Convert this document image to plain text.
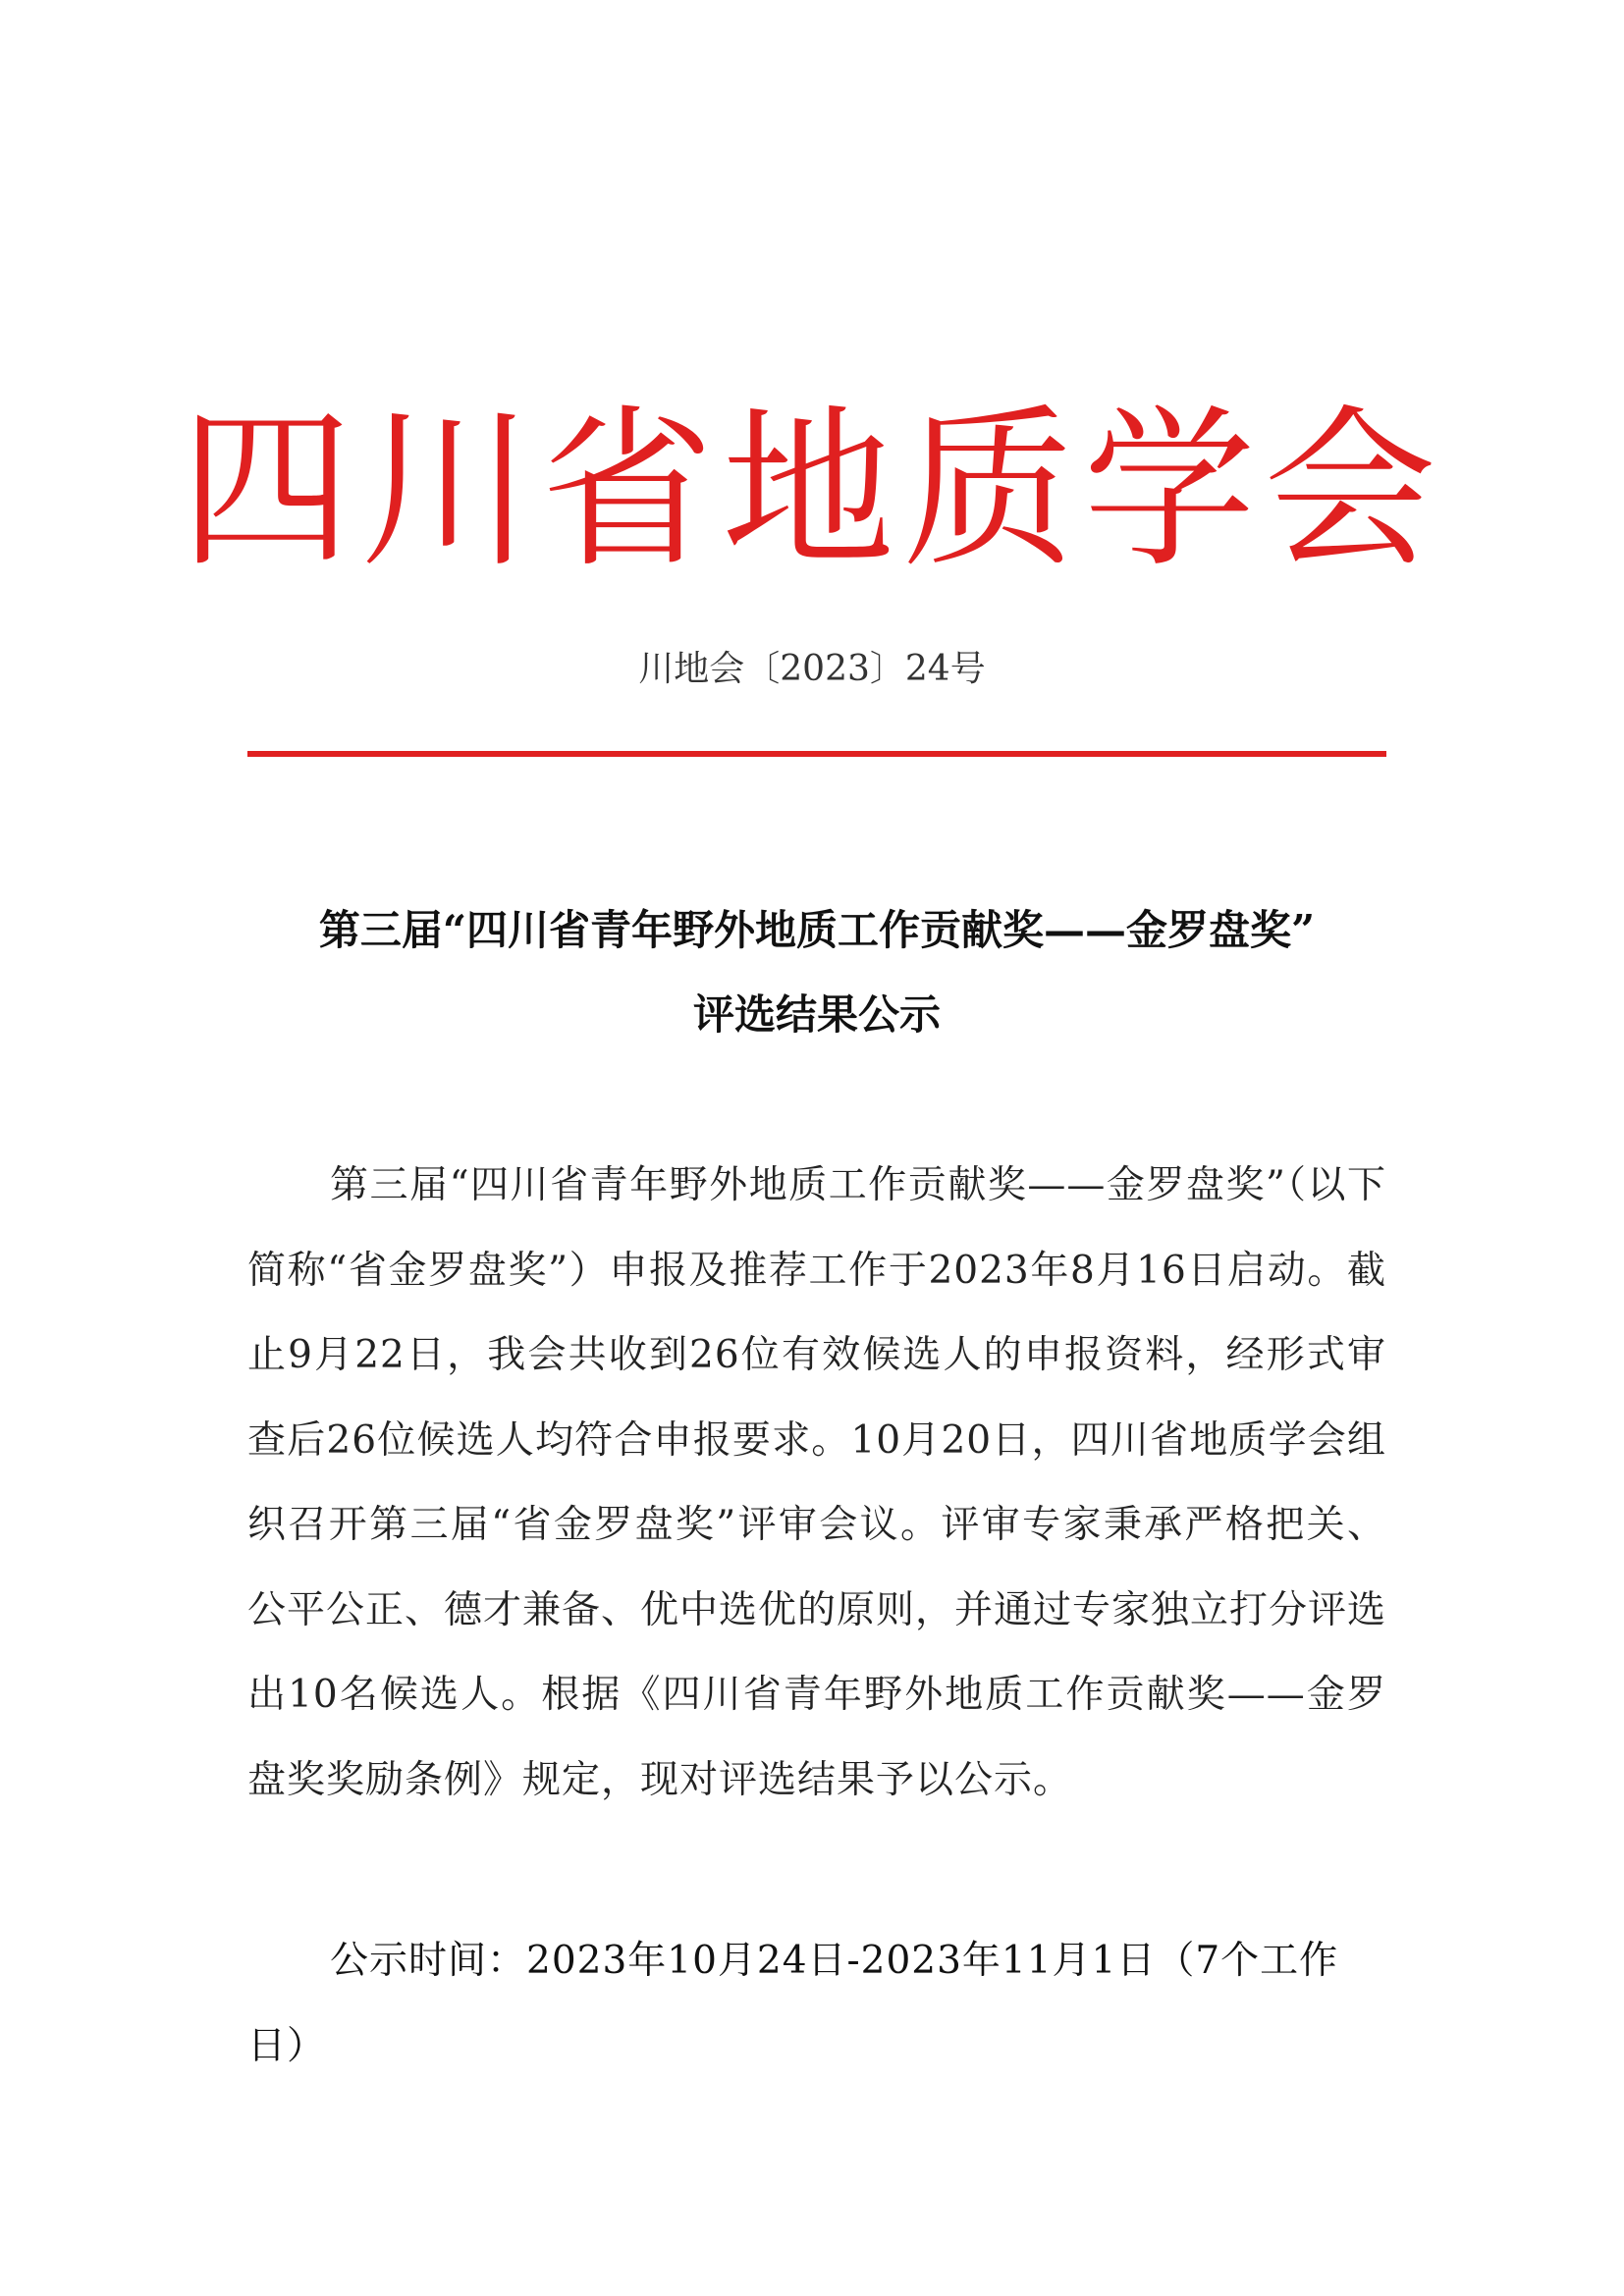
四川省地质学会
川地会〔2023〕24号
第三届“四川省青年野外地质工作贡献奖——金罗盘奖”
评选结果公示
第三届“四川省青年野外地质工作贡献奖——金罗盘奖”（以下简称“省金罗盘奖”）申报及推荐工作于2023年8月16日启动。截止9月22日，我会共收到26位有效候选人的申报资料，经形式审查后26位候选人均符合申报要求。10月20日，四川省地质学会组织召开第三届“省金罗盘奖”评审会议。评审专家秉承严格把关、公平公正、德才兼备、优中选优的原则，并通过专家独立打分评选出10名候选人。根据《四川省青年野外地质工作贡献奖——金罗盘奖奖励条例》规定，现对评选结果予以公示。
公示时间：2023年10月24日-2023年11月1日（7个工作日）
